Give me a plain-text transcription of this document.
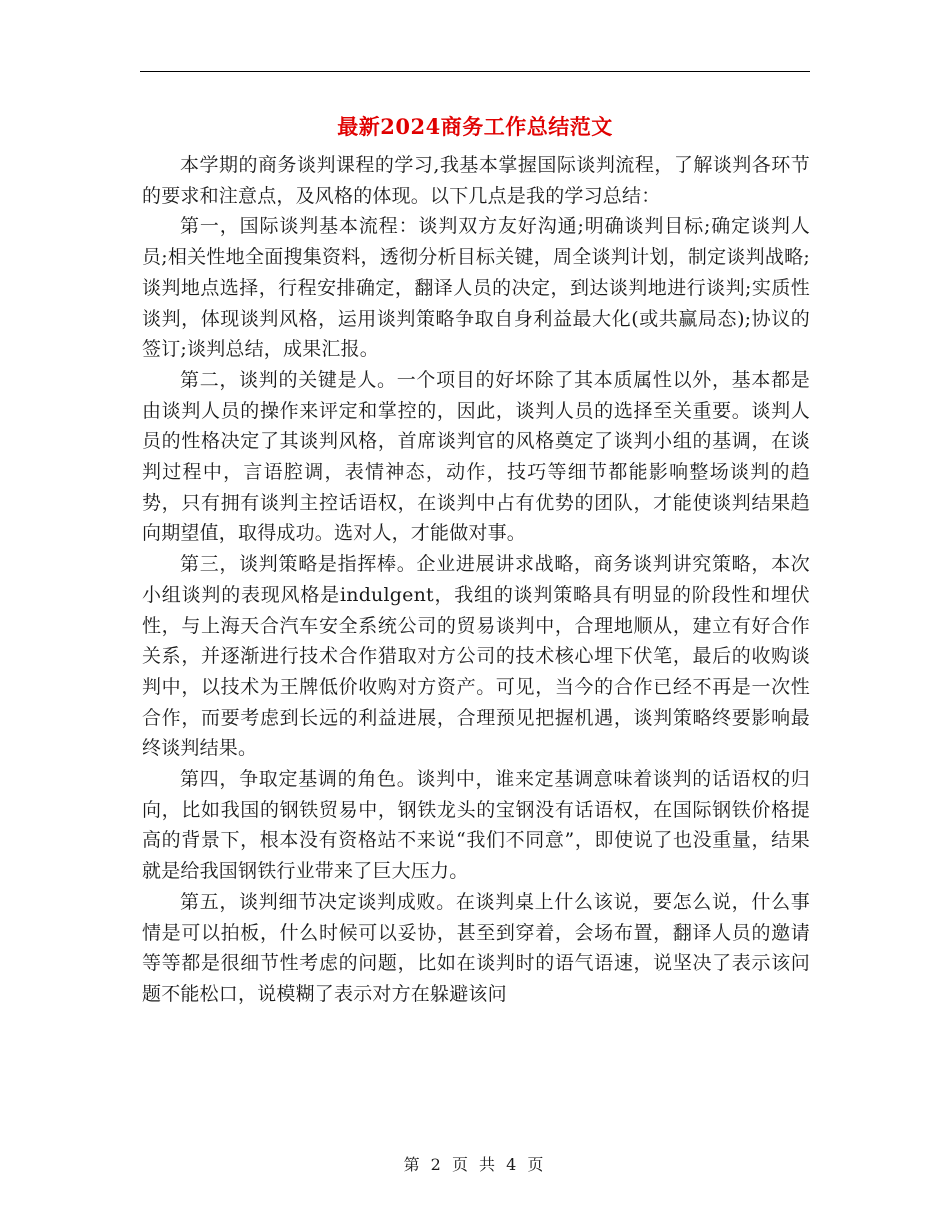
最新2024商务工作总结范文

本学期的商务谈判课程的学习,我基本掌握国际谈判流程，了解谈判各环节的要求和注意点，及风格的体现。以下几点是我的学习总结：

第一，国际谈判基本流程：谈判双方友好沟通;明确谈判目标;确定谈判人员;相关性地全面搜集资料，透彻分析目标关键，周全谈判计划，制定谈判战略;谈判地点选择，行程安排确定，翻译人员的决定，到达谈判地进行谈判;实质性谈判，体现谈判风格，运用谈判策略争取自身利益最大化(或共赢局态);协议的签订;谈判总结，成果汇报。

第二，谈判的关键是人。一个项目的好坏除了其本质属性以外，基本都是由谈判人员的操作来评定和掌控的，因此，谈判人员的选择至关重要。谈判人员的性格决定了其谈判风格，首席谈判官的风格奠定了谈判小组的基调，在谈判过程中，言语腔调，表情神态，动作，技巧等细节都能影响整场谈判的趋势，只有拥有谈判主控话语权，在谈判中占有优势的团队，才能使谈判结果趋向期望值，取得成功。选对人，才能做对事。

第三，谈判策略是指挥棒。企业进展讲求战略，商务谈判讲究策略，本次小组谈判的表现风格是indulgent，我组的谈判策略具有明显的阶段性和埋伏性，与上海天合汽车安全系统公司的贸易谈判中，合理地顺从，建立有好合作关系，并逐渐进行技术合作猎取对方公司的技术核心埋下伏笔，最后的收购谈判中，以技术为王牌低价收购对方资产。可见，当今的合作已经不再是一次性合作，而要考虑到长远的利益进展，合理预见把握机遇，谈判策略终要影响最终谈判结果。

第四，争取定基调的角色。谈判中，谁来定基调意味着谈判的话语权的归向，比如我国的钢铁贸易中，钢铁龙头的宝钢没有话语权，在国际钢铁价格提高的背景下，根本没有资格站不来说“我们不同意”，即使说了也没重量，结果就是给我国钢铁行业带来了巨大压力。

第五，谈判细节决定谈判成败。在谈判桌上什么该说，要怎么说，什么事情是可以拍板，什么时候可以妥协，甚至到穿着，会场布置，翻译人员的邀请等等都是很细节性考虑的问题，比如在谈判时的语气语速，说坚决了表示该问题不能松口，说模糊了表示对方在躲避该问

第 2 页 共 4 页
